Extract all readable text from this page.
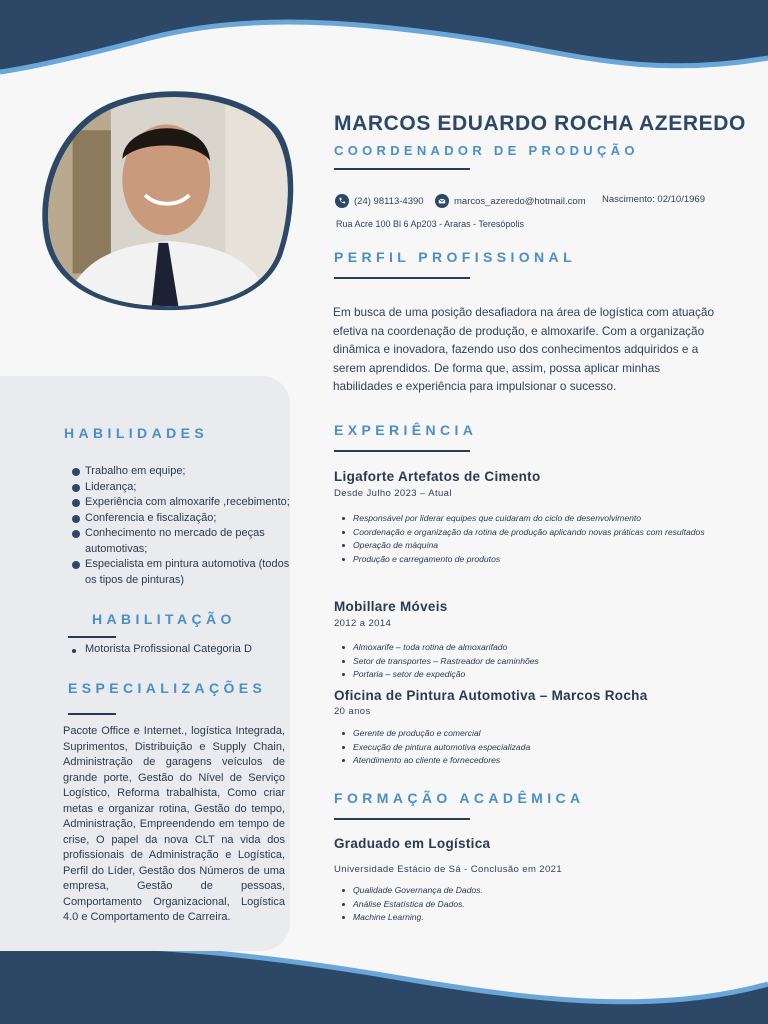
MARCOS EDUARDO ROCHA AZEREDO
COORDENADOR DE PRODUÇÃO
(24) 98113-4390	marcos_azeredo@hotmail.com Nascimento: 02/10/1969
Rua Acre 100 Bl 6 Ap203 - Araras - Teresópolis
PERFIL PROFISSIONAL
Em busca de uma posição desafiadora na área de logística com atuação efetiva na coordenação de produção, e almoxarife. Com a organização dinâmica e inovadora, fazendo uso dos conhecimentos adquiridos e a serem aprendidos. De forma que, assim, possa aplicar minhas habilidades e experiência para impulsionar o sucesso.
HABILIDADES
Trabalho em equipe;
Liderança;
Experiência com almoxarife ,recebimento;
Conferencia e fiscalização;
Conhecimento no mercado de peças automotivas;
Especialista em pintura automotiva (todos os tipos de pinturas)
HABILITAÇÃO
Motorista Profissional Categoria D
ESPECIALIZAÇÕES
Pacote Office e Internet., logística Integrada, Suprimentos, Distribuição e Supply Chain, Administração de garagens veículos de grande porte, Gestão do Nível de Serviço Logístico, Reforma trabalhista, Como criar metas e organizar rotina, Gestão do tempo, Administração, Empreendendo em tempo de crise, O papel da nova CLT na vida dos profissionais de Administração e Logística, Perfil do Líder, Gestão dos Números de uma empresa, Gestão de pessoas, Comportamento Organizacional, Logística 4.0 e Comportamento de Carreira.
EXPERIÊNCIA
Ligaforte Artefatos de Cimento
Desde Julho 2023 – Atual
Responsável por liderar equipes que cuidaram do ciclo de desenvolvimento
Coordenação e organização da rotina de produção aplicando novas práticas com resultados
Operação de máquina
Produção e carregamento de produtos
Mobillare Móveis
2012 a 2014
Almoxarife – toda rotina de almoxarifado
Setor de transportes – Rastreador de caminhões
Portaria – setor de expedição
Oficina de Pintura Automotiva – Marcos Rocha
20 anos
Gerente de produção e comercial
Execução de pintura automotiva especializada
Atendimento ao cliente e fornecedores
FORMAÇÃO ACADÊMICA
Graduado em Logística
Universidade Estácio de Sá - Conclusão em 2021
Qualidade Governança de Dados.
Análise Estatística de Dados.
Machine Learning.
